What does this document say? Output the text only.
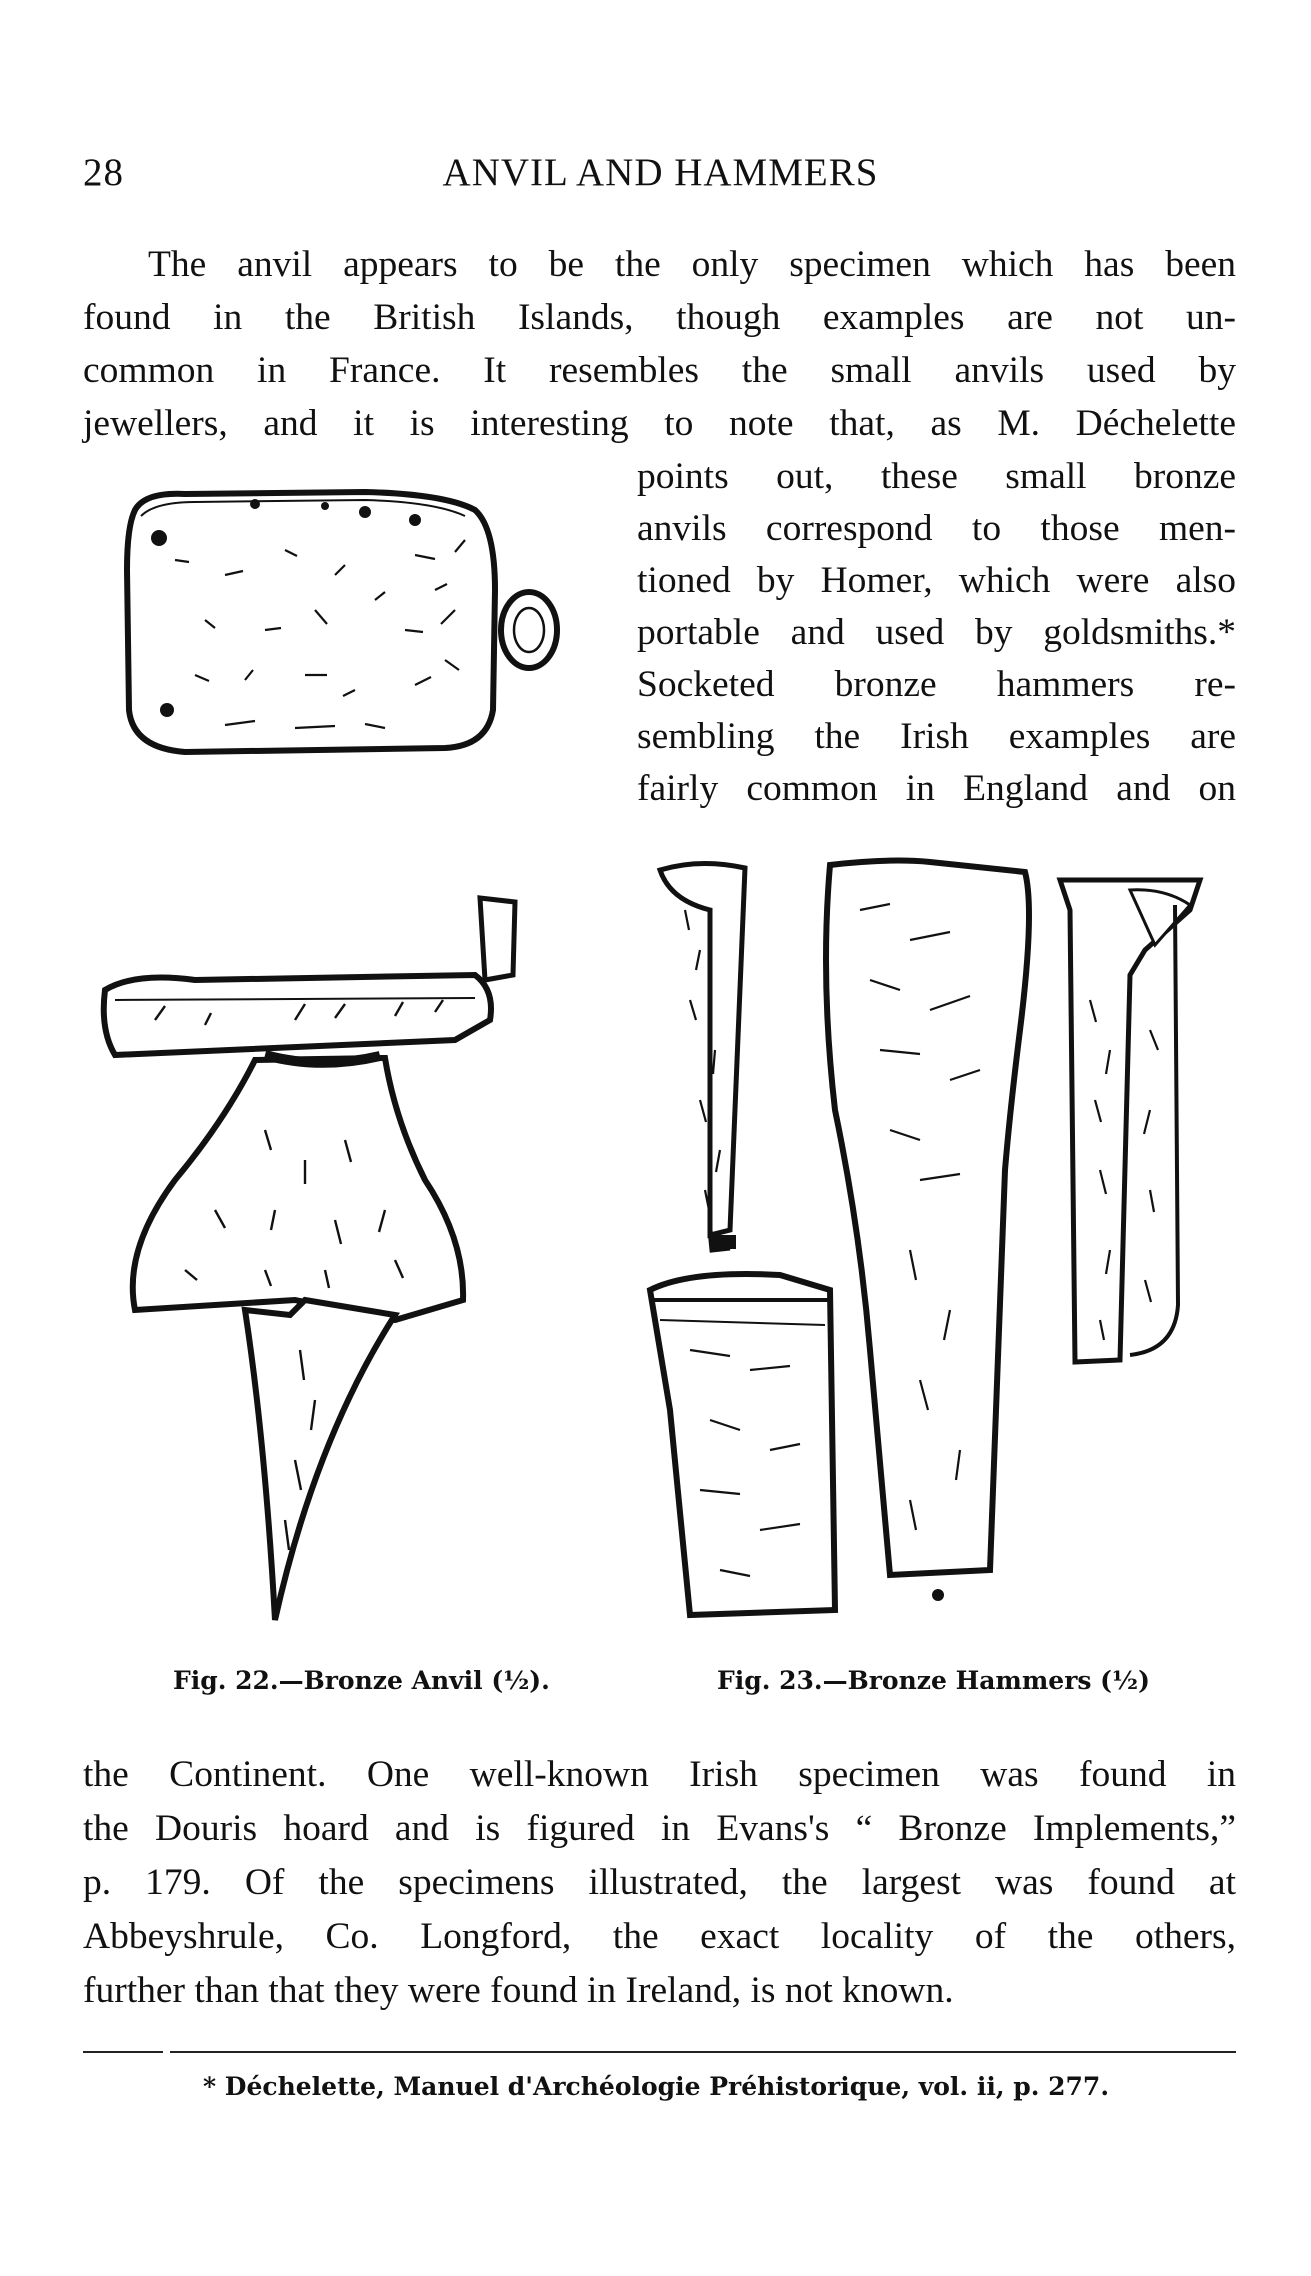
28	ANVIL AND HAMMERS
The anvil appears to be the only specimen which has been
found in the British Islands, though examples are not un-
common in France. It resembles the small anvils used by
jewellers, and it is interesting to note that, as M. Déchelette
points out, these small bronze
anvils correspond to those men-
tioned by Homer, which were also
portable and used by goldsmiths.*
Socketed bronze hammers re-
sembling the Irish examples are
fairly common in England and on
Fig. 22.—Bronze Anvil (½).	Fig. 23.—Bronze Hammers (½)
the Continent. One well-known Irish specimen was found in
the Douris hoard and is figured in Evans's “ Bronze Implements,”
p. 179. Of the specimens illustrated, the largest was found at
Abbeyshrule, Co. Longford, the exact locality of the others,
further than that they were found in Ireland, is not known.
* Déchelette, Manuel d'Archéologie Préhistorique, vol. ii, p. 277.
